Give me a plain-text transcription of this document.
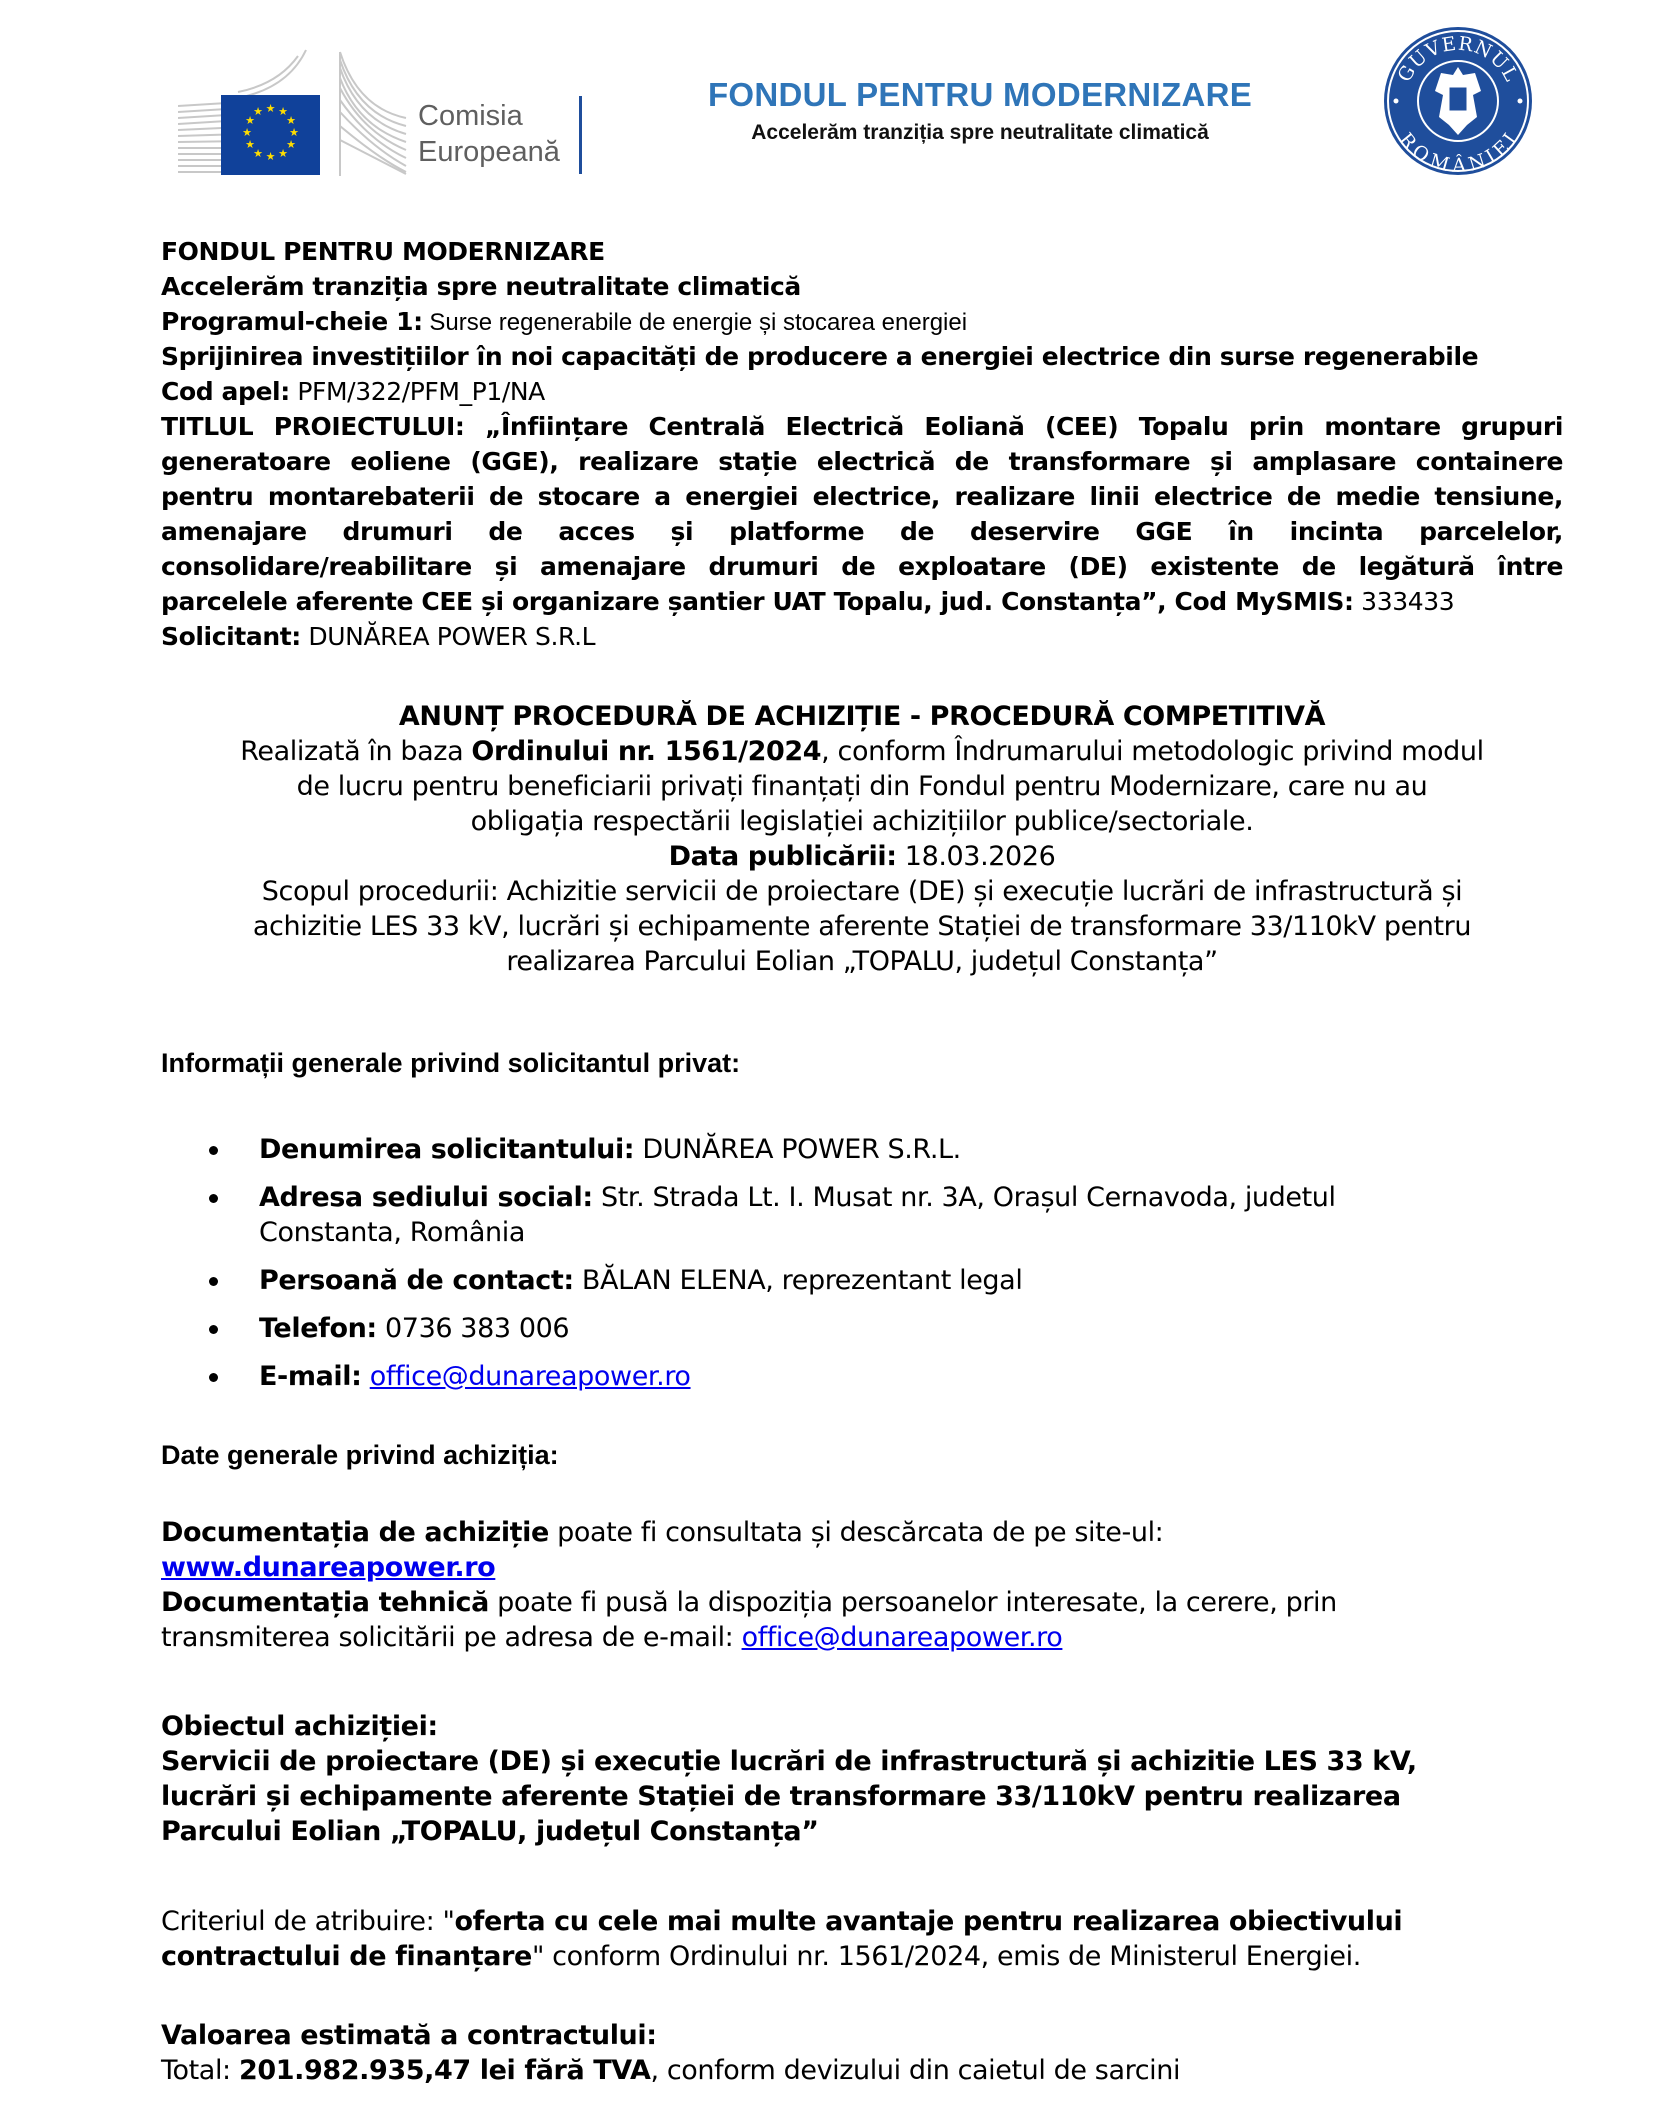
★ ★
★
★
★
★
★
★
★
★
★
★	Comisia
Europeană
FONDUL PENTRU MODERNIZARE
Accelerăm tranziția spre neutralitate climatică
GUVERNUL
ROMÂNIEI
FONDUL PENTRU MODERNIZARE
Accelerăm tranziția spre neutralitate climatică
Programul-cheie 1: Surse regenerabile de energie și stocarea energiei
Sprijinirea investițiilor în noi capacități de producere a energiei electrice din surse regenerabile
Cod apel: PFM/322/PFM_P1/NA
TITLUL PROIECTULUI: „Înființare Centrală Electrică Eoliană (CEE) Topalu prin montare grupuri
generatoare eoliene (GGE), realizare stație electrică de transformare și amplasare containere
pentru montarebaterii de stocare a energiei electrice, realizare linii electrice de medie tensiune,
amenajare drumuri de acces și platforme de deservire GGE în incinta parcelelor,
consolidare/reabilitare și amenajare drumuri de exploatare (DE) existente de legătură între
parcelele aferente CEE și organizare șantier UAT Topalu, jud. Constanța”, Cod MySMIS: 333433
Solicitant: DUNĂREA POWER S.R.L
ANUNȚ PROCEDURĂ DE ACHIZIȚIE - PROCEDURĂ COMPETITIVĂ
Realizată în baza Ordinului nr. 1561/2024, conform Îndrumarului metodologic privind modul
de lucru pentru beneficiarii privați finanțați din Fondul pentru Modernizare, care nu au
obligația respectării legislației achizițiilor publice/sectoriale.
Data publicării: 18.03.2026
Scopul procedurii: Achizitie servicii de proiectare (DE) și execuție lucrări de infrastructură și
achizitie LES 33 kV, lucrări și echipamente aferente Stației de transformare 33/110kV pentru
realizarea Parcului Eolian „TOPALU, județul Constanța”
Informații generale privind solicitantul privat:
Denumirea solicitantului: DUNĂREA POWER S.R.L.
Adresa sediului social: Str. Strada Lt. I. Musat nr. 3A, Orașul Cernavoda, judetul
Constanta, România
Persoană de contact: BĂLAN ELENA, reprezentant legal
Telefon: 0736 383 006
E-mail: office@dunareapower.ro
Date generale privind achiziția:
Documentația de achiziție poate fi consultata și descărcata de pe site-ul:
www.dunareapower.ro
Documentația tehnică poate fi pusă la dispoziția persoanelor interesate, la cerere, prin
transmiterea solicitării pe adresa de e-mail: office@dunareapower.ro
Obiectul achiziției:
Servicii de proiectare (DE) și execuție lucrări de infrastructură și achizitie LES 33 kV,
lucrări și echipamente aferente Stației de transformare 33/110kV pentru realizarea
Parcului Eolian „TOPALU, județul Constanța”
Criteriul de atribuire: "oferta cu cele mai multe avantaje pentru realizarea obiectivului
contractului de finanțare" conform Ordinului nr. 1561/2024, emis de Ministerul Energiei.
Valoarea estimată a contractului:
Total: 201.982.935,47 lei fără TVA, conform devizului din caietul de sarcini
